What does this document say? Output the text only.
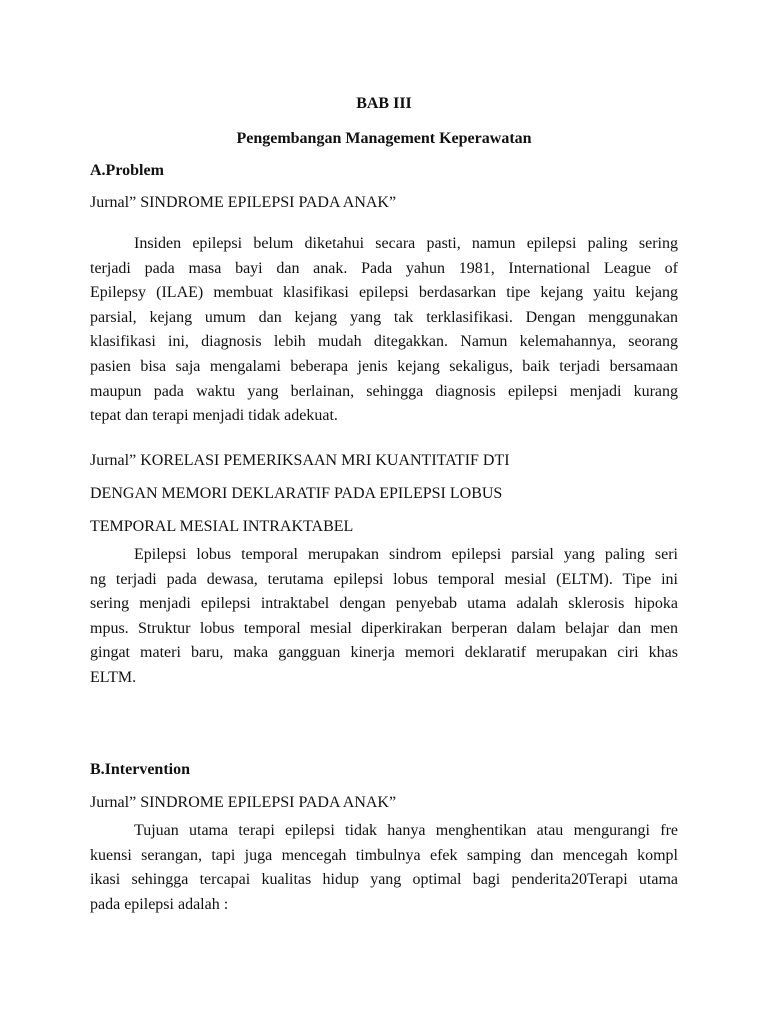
BAB III

Pengembangan Management Keperawatan

A.Problem

Jurnal” SINDROME EPILEPSI PADA ANAK”

Insiden epilepsi belum diketahui secara pasti, namun epilepsi paling sering
terjadi pada masa bayi dan anak. Pada yahun 1981, International League of
Epilepsy (ILAE) membuat klasifikasi epilepsi berdasarkan tipe kejang yaitu kejang
parsial, kejang umum dan kejang yang tak terklasifikasi. Dengan menggunakan
klasifikasi ini, diagnosis lebih mudah ditegakkan. Namun kelemahannya, seorang
pasien bisa saja mengalami beberapa jenis kejang sekaligus, baik terjadi bersamaan
maupun pada waktu yang berlainan, sehingga diagnosis epilepsi menjadi kurang
tepat dan terapi menjadi tidak adekuat.

Jurnal” KORELASI PEMERIKSAAN MRI KUANTITATIF DTI

DENGAN MEMORI DEKLARATIF PADA EPILEPSI LOBUS

TEMPORAL MESIAL INTRAKTABEL

Epilepsi lobus temporal merupakan sindrom epilepsi parsial yang paling seri
ng terjadi pada dewasa, terutama epilepsi lobus temporal mesial (ELTM). Tipe ini
sering menjadi epilepsi intraktabel dengan penyebab utama adalah sklerosis hipoka
mpus. Struktur lobus temporal mesial diperkirakan berperan dalam belajar dan men
gingat materi baru, maka gangguan kinerja memori deklaratif merupakan ciri khas
ELTM.

B.Intervention

Jurnal” SINDROME EPILEPSI PADA ANAK”

Tujuan utama terapi epilepsi tidak hanya menghentikan atau mengurangi fre
kuensi serangan, tapi juga mencegah timbulnya efek samping dan mencegah kompl
ikasi sehingga tercapai kualitas hidup yang optimal bagi penderita20Terapi utama
pada epilepsi adalah :
